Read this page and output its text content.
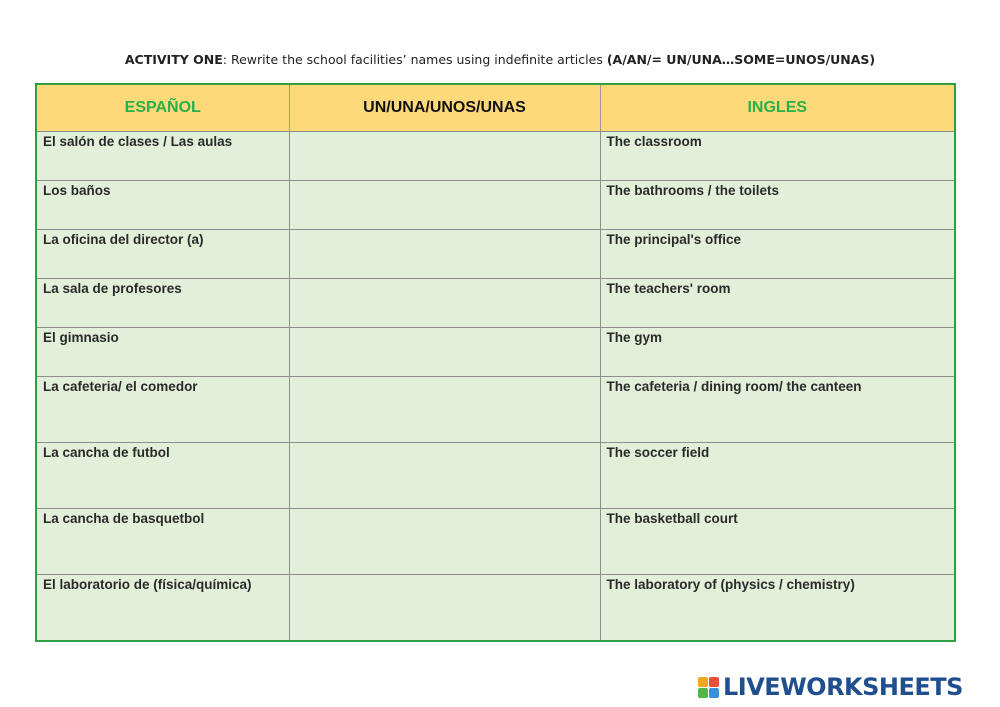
ACTIVITY ONE: Rewrite the school facilities’ names using indefinite articles (A/AN/= UN/UNA…SOME=UNOS/UNAS)
ESPAÑOL	UN/UNA/UNOS/UNAS	INGLES
El salón de clases / Las aulas		The classroom
Los baños		The bathrooms / the toilets
La oficina del director (a)		The principal's office
La sala de profesores		The teachers' room
El gimnasio		The gym
La cafeteria/ el comedor		The cafeteria / dining room/ the canteen
La cancha de futbol		The soccer field
La cancha de basquetbol		The basketball court
El laboratorio de (física/química)		The laboratory of (physics / chemistry)
LIVEWORKSHEETS
